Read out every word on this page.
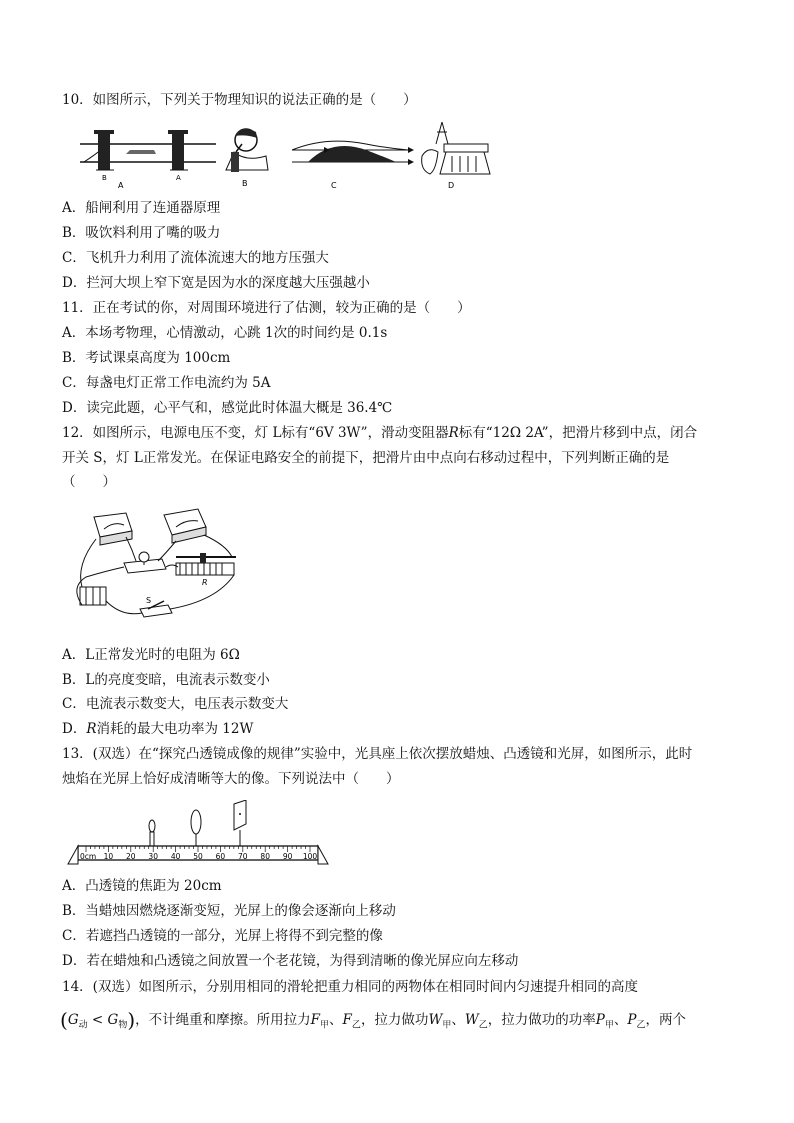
10．如图所示，下列关于物理知识的说法正确的是（　　）
B	A
A	B	C	D
A．船闸利用了连通器原理
B．吸饮料利用了嘴的吸力
C．飞机升力利用了流体流速大的地方压强大
D．拦河大坝上窄下宽是因为水的深度越大压强越小
11．正在考试的你，对周围环境进行了估测，较为正确的是（　　）
A．本场考物理，心情激动，心跳 1次的时间约是 0.1s
B．考试课桌高度为 100cm
C．每盏电灯正常工作电流约为 5A
D．读完此题，心平气和，感觉此时体温大概是 36.4℃
12．如图所示，电源电压不变，灯 L标有“6V 3W”，滑动变阻器R标有“12Ω 2A”，把滑片移到中点，闭合
开关 S，灯 L正常发光。在保证电路安全的前提下，把滑片由中点向右移动过程中，下列判断正确的是
（　　）
R
S
A．L正常发光时的电阻为 6Ω
B．L的亮度变暗，电流表示数变小
C．电流表示数变大，电压表示数变大
D．R消耗的最大电功率为 12W
13．(双选）在“探究凸透镜成像的规律”实验中，光具座上依次摆放蜡烛、凸透镜和光屏，如图所示，此时
烛焰在光屏上恰好成清晰等大的像。下列说法中（　　）
0cm 10 20 30 40 50 60 70 80 90 100
A．凸透镜的焦距为 20cm
B．当蜡烛因燃烧逐渐变短，光屏上的像会逐渐向上移动
C．若遮挡凸透镜的一部分，光屏上将得不到完整的像
D．若在蜡烛和凸透镜之间放置一个老花镜，为得到清晰的像光屏应向左移动
14．(双选）如图所示，分别用相同的滑轮把重力相同的两物体在相同时间内匀速提升相同的高度
$(G_动 < G_物)$，不计绳重和摩擦。所用拉力$F_甲$、$F_乙$，拉力做功$W_甲$、$W_乙$，拉力做功的功率$P_甲$、$P_乙$，两个
